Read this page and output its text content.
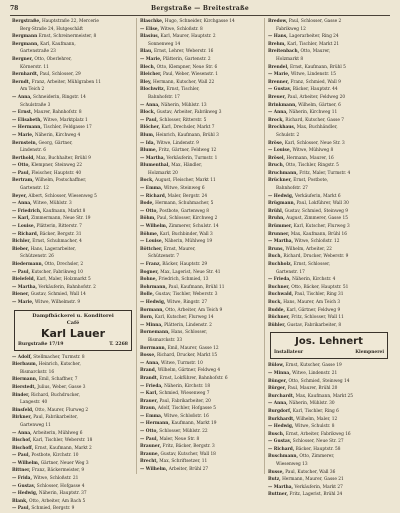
78	Bergstraße — Breitestraße
Bergstraße, Hauptstraße 22, Mercerie
Berg-Straße 24, Hutgeschäft
Bergmann Ernst, Schreinermeister, 8
Bergmann, Karl, Kaufmann,
Gartenstraße 23
Bergner, Otto, Oberlehrer,
Körnerstr. 11
Bernhardt, Paul, Schlosser, 29
Berndt, Franz, Arbeiter, Mühlgraben 11
Am Teich 2
— Anna, Schneiderin, Ringstr. 14
Schulstraße 3
— Ernst, Maurer, Bahnhofstr. 8
— Elisabeth, Witwe, Marktplatz 1
— Hermann, Tischler, Feldgasse 17
— Marie, Näherin, Kirchweg 4
Bernstein, Georg, Gärtner,
Lindenstr. 6
Berthold, Max, Buchhalter, Brühl 9
— Otto, Klempner, Steinweg 22
— Paul, Fleischer, Hauptstr. 40
Bertram, Wilhelm, Postschaffner,
Gartenstr. 12
Beyer, Albert, Schlosser, Wiesenweg 5
— Anna, Witwe, Mühlstr. 3
— Friedrich, Kaufmann, Markt 8
— Karl, Zimmermann, Neue Str. 19
— Louise, Plätterin, Ritterstr. 7
— Richard, Bäcker, Bergstr. 31
Bichler, Ernst, Schuhmacher, 4
Bieber, Hans, Lagerarbeiter,
Schützenstr. 26
Biedermann, Otto, Drechsler, 2
— Paul, Kutscher, Fabrikweg 10
Bielefeld, Karl, Maler, Holzmarkt 5
— Martha, Verkäuferin, Bahnhofstr. 2
Biener, Gustav, Schmied, Wall 14
— Marie, Witwe, Wilhelmstr. 9
Dampfbäckerei u. Konditorei
Café
Karl Lauer
Burgstraße 17/19	T. 2268
— Adolf, Stellmacher, Turmstr. 8
Bierbaum, Heinrich, Kutscher,
Bismarckstr. 16
Biermann, Emil, Schaffner, 7
Bierstedt, Julius, Weber, Gasse 3
Binder, Richard, Buchdrucker,
Langestr. 40
Binsfeld, Otto, Maurer, Flurweg 2
Birkner, Paul, Fabrikarbeiter,
Gartenweg 11
— Anna, Arbeiterin, Mühlweg 6
Bischof, Karl, Tischler, Weberstr. 18
Bischoff, Ernst, Kaufmann, Markt 2
— Paul, Postbote, Kirchstr. 10
— Wilhelm, Gärtner, Neuer Weg 3
Bittner, Franz, Bäckermeister, 9
— Frida, Witwe, Schloßstr. 21
— Gustav, Schlosser, Hofgasse 4
— Hedwig, Näherin, Hauptstr. 37
Blank, Otto, Arbeiter, Am Bach 5
— Paul, Schmied, Bergstr. 9
Blaschke, Hugo, Schneider, Kirchgasse 14
— Elise, Witwe, Schloßstr. 8
Blasius, Karl, Maurer, Hauptstr. 2
Sonnenweg 14
Blau, Ernst, Lehrer, Weberstr. 16
— Marie, Plätterin, Gartenstr. 2
Blech, Otto, Klempner, Neue Str. 6
Bleicher, Paul, Weber, Wiesenstr. 1
Bley, Hermann, Kutscher, Wall 22
Blochwitz, Ernst, Tischler,
Bahnhofstr. 17
— Anna, Näherin, Mühlstr. 13
Block, Gustav, Arbeiter, Fabrikweg 3
— Paul, Schlosser, Ritterstr. 5
Blöcher, Karl, Drechsler, Markt 7
Blum, Heinrich, Kaufmann, Brühl 3
— Ida, Witwe, Lindenstr. 9
Blume, Fritz, Gärtner, Feldweg 12
— Martha, Verkäuferin, Turmstr. 1
Blumenthal, Max, Händler,
Holzmarkt 20
Bock, August, Fleischer, Markt 11
— Emma, Witwe, Steinweg 6
— Richard, Maler, Bergstr. 24
Bode, Hermann, Schuhmacher, 5
— Otto, Postbote, Gartenweg 8
Böhm, Paul, Schlosser, Kirchweg 2
— Wilhelm, Zimmerer, Schulstr. 14
Böhme, Karl, Buchbinder, Wall 3
— Louise, Näherin, Mühlweg 19
Böttcher, Ernst, Maurer,
Schützenstr. 7
— Franz, Bäcker, Hauptstr. 29
Bogner, Max, Lagerist, Neue Str. 41
Bohne, Friedrich, Schmied, 13
Bohrmann, Paul, Kaufmann, Brühl 11
Bolle, Gustav, Tischler, Weberstr. 3
— Hedwig, Witwe, Ringstr. 27
Bormann, Otto, Arbeiter, Am Teich 9
Born, Karl, Kutscher, Flurweg 14
— Minna, Plätterin, Lindenstr. 2
Bornemann, Hans, Schlosser,
Bismarckstr. 33
Borrmann, Emil, Maurer, Gasse 12
Bosse, Richard, Drucker, Markt 15
— Anna, Witwe, Turmstr. 10
Brand, Wilhelm, Gärtner, Feldweg 4
Brandt, Ernst, Lokführer, Bahnhofstr. 6
— Frieda, Näherin, Kirchstr. 18
— Karl, Schmied, Wiesenweg 7
Brauer, Paul, Fabrikarbeiter, 20
Braun, Adolf, Tischler, Hofgasse 5
— Emma, Witwe, Schloßstr. 16
— Hermann, Kaufmann, Markt 19
— Otto, Schlosser, Mühlstr. 22
— Paul, Maler, Neue Str. 8
Brauner, Fritz, Bäcker, Bergstr. 3
Braune, Gustav, Kutscher, Wall 18
Brecht, Max, Schriftsetzer, 11
— Wilhelm, Arbeiter, Brühl 27
Bredow, Paul, Schlosser, Gasse 2
Fabrikweg 12
— Hans, Lagerarbeiter, Ring 24
Brehm, Karl, Tischler, Markt 21
Breitenbach, Otto, Maurer,
Holzmarkt 8
Brendel, Ernst, Kaufmann, Brühl 5
— Marie, Witwe, Lindenstr. 15
Brenner, Franz, Schmied, Wall 9
— Gustav, Bäcker, Hauptstr. 44
Breuer, Paul, Arbeiter, Feldweg 20
Brinkmann, Wilhelm, Gärtner, 6
— Anna, Näherin, Kirchweg 11
Brock, Richard, Kutscher, Gasse 7
Brockhaus, Max, Buchhändler,
Schulstr. 2
Bröse, Karl, Schlosser, Neue Str. 3
— Louise, Witwe, Mühlweg 8
Brösel, Hermann, Maurer, 16
Bruch, Otto, Tischler, Ringstr. 5
Bruchmann, Fritz, Maler, Turmstr. 4
Brückner, Ernst, Postbote,
Bahnhofstr. 27
— Hedwig, Verkäuferin, Markt 6
Brügmann, Paul, Lokführer, Wall 30
Brühl, Gustav, Schmied, Steinweg 9
Bruhn, August, Zimmerer, Gasse 15
Brümmer, Karl, Kutscher, Flurweg 3
Brunner, Max, Kaufmann, Brühl 16
— Martha, Witwe, Schloßstr. 12
Bruns, Wilhelm, Arbeiter, 22
Buch, Richard, Drucker, Weberstr. 9
Buchholz, Ernst, Schlosser,
Gartenstr. 17
— Frieda, Näherin, Kirchstr. 4
Buchner, Otto, Bäcker, Hauptstr. 51
Buchwald, Paul, Tischler, Ring 31
Buck, Hans, Maurer, Am Teich 3
Budde, Karl, Gärtner, Feldweg 9
Büchner, Fritz, Schlosser, Wall 11
Bühler, Gustav, Fabrikarbeiter, 8
Jos. Lehnert
Installateur	Klempnerei
Bülow, Ernst, Kutscher, Gasse 19
— Minna, Witwe, Lindenstr. 21
Bünger, Otto, Schmied, Steinweg 14
Bürger, Paul, Maurer, Brühl 20
Burchardt, Max, Kaufmann, Markt 25
— Anna, Näherin, Mühlstr. 30
Burgdorf, Karl, Tischler, Ring 6
Burkhardt, Wilhelm, Maler, 12
— Hedwig, Witwe, Schulstr. 8
Busch, Ernst, Arbeiter, Fabrikweg 16
— Gustav, Schlosser, Neue Str. 27
— Richard, Bäcker, Hauptstr. 58
Buschmann, Otto, Zimmerer,
Wiesenweg 13
Busse, Paul, Kutscher, Wall 36
Butz, Hermann, Maurer, Gasse 21
— Martha, Verkäuferin, Markt 27
Buttner, Fritz, Lagerist, Brühl 24
